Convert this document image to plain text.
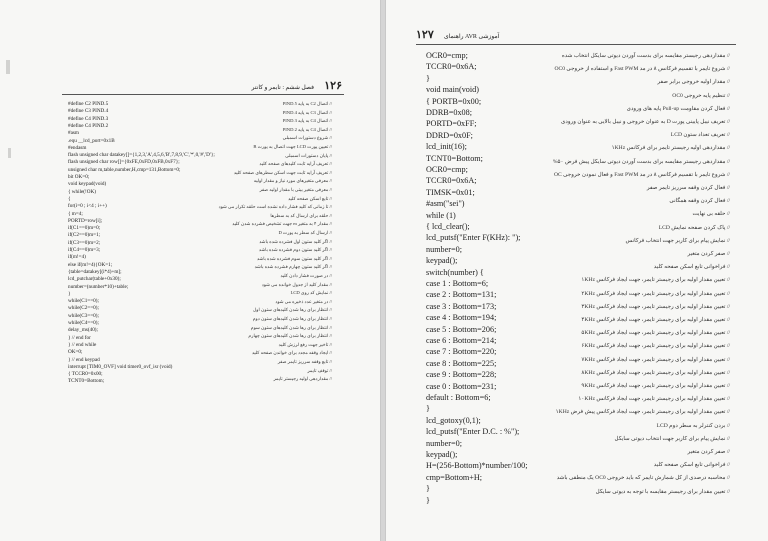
۱۲۶ فصل ششم : تایمر و کانتر
#define C2 PIND.5
#define C3 PIND.4
#define C4 PIND.3
#define C4 PIND.2
#asm
.equ __lcd_port=0x1B
#endasm
flash unsigned char datakey[]={1,2,3,'A',4,5,6,'B',7,8,9,'C','*',0,'#','D'};
flash unsigned char row[]={0xFE,0xFD,0xFB,0xF7};
unsigned char m,table,number,H,cmp=131,Bottom=0;
bit OK=0;
void keypad(void)
{ while(!OK)
{
for(i=0 ; i<4 ; i++)
{ m=4;
PORTD=row[i];
if(C1==0)m=0;
if(C2==0)m=1;
if(C3==0)m=2;
if(C4==0)m=3;
if(m!=4)
else if(m!=4){OK=1;
{table=datakey[(i*4)+m];
lcd_putchar(table+0x30);
number=(number*10)+table;
}
while(C1==0);
while(C2==0);
while(C3==0);
while(C4==0);
delay_ms(40);
} // end for
} // end while
OK=0;
} // end keypad
interrupt [TIM0_OVF] void timer0_ovf_isr (void)
{ TCCR0=0x00;
TCNT0=Bottom;
// اتصال C2 به پایه PIND.5
// اتصال C3 به پایه PIND.4
// اتصال C4 به پایه PIND.3
// اتصال C4 به پایه PIND.2
// شروع دستورات اسمبلی
// تعیین پورت LCD جهت اتصال به پورت B
// پایان دستورات اسمبلی
// تعریف آرایه ثابت کلیدهای صفحه کلید
// تعریف آرایه ثابت جهت اسکن سطرهای صفحه کلید
// معرفی متغیرهای مورد نیاز و مقدار اولیه
// معرفی متغیر بیتی با مقدار اولیه صفر
// تابع اسکن صفحه کلید
// تا زمانی که کلید فشار داده نشده است حلقه تکرار می شود
// حلقه برای ارسال کد به سطرها
// مقدار ۴ به متغیر m جهت تشخیص فشرده شدن کلید
// ارسال کد سطر به پورت D
// اگر کلید ستون اول فشرده شده باشد
// اگر کلید ستون دوم فشرده شده باشد
// اگر کلید ستون سوم فشرده شده باشد
// اگر کلید ستون چهارم فشرده شده باشد
// در صورت فشار دادن کلید
// مقدار کلید از جدول خوانده می شود
// نمایش کد روی LCD
// در متغیر عدد ذخیره می شود
// انتظار برای رها شدن کلیدهای ستون اول
// انتظار برای رها شدن کلیدهای ستون دوم
// انتظار برای رها شدن کلیدهای ستون سوم
// انتظار برای رها شدن کلیدهای ستون چهارم
// تاخیر جهت رفع لرزش کلید
// ایجاد وقفه مجدد برای خواندن صفحه کلید
// تابع وقفه سرریز تایمر صفر
// توقف تایمر
// مقداردهی اولیه رجیستر تایمر
۱۲۷ راهنمای AVR آموزشی
OCR0=cmp;
TCCR0=0x6A;
}
void main(void)
{ PORTB=0x00;
DDRB=0x08;
PORTD=0xFF;
DDRD=0x0F;
lcd_init(16);
TCNT0=Bottom;
OCR0=cmp;
TCCR0=0x6A;
TIMSK=0x01;
#asm("sei")
while (1)
{ lcd_clear();
lcd_putsf("Enter F(KHz): ");
number=0;
keypad();
switch(number) {
case 1 : Bottom=6;
case 2 : Bottom=131;
case 3 : Bottom=173;
case 4 : Bottom=194;
case 5 : Bottom=206;
case 6 : Bottom=214;
case 7 : Bottom=220;
case 8 : Bottom=225;
case 9 : Bottom=228;
case 0 : Bottom=231;
default : Bottom=6;
}
lcd_gotoxy(0,1);
lcd_putsf("Enter D.C. : %");
number=0;
keypad();
H=(256-Bottom)*number/100;
cmp=Bottom+H;
}
}
// مقداردهی رجیستر مقایسه برای بدست آوردن دیوتی سایکل انتخاب شده
// شروع تایمر با تقسیم فرکانس ۸ در مد Fast PWM و استفاده از خروجی OC0
// مقدار اولیه خروجی برابر صفر
// تنظیم پایه خروجی OC0
// فعال کردن مقاومت Pull-up پایه های ورودی
// تعریف نیبل پایینی پورت D به عنوان خروجی و نیبل بالایی به عنوان ورودی
// تعریف تعداد ستون LCD
// مقداردهی اولیه رجیستر تایمر برای فرکانس ۱KHz
// مقداردهی رجیستر مقایسه برای بدست آوردن دیوتی سایکل پیش فرض ۵۰%
// شروع تایمر با تقسیم فرکانس ۸ در مد Fast PWM و فعال نمودن خروجی OC
// فعال کردن وقفه سرریز تایمر صفر
// فعال کردن وقفه همگانی
// حلقه بی نهایت
// پاک کردن صفحه نمایش LCD
// نمایش پیام برای کاربر جهت انتخاب فرکانس
// صفر کردن متغیر
// فراخوانی تابع اسکن صفحه کلید
// تعیین مقدار اولیه برای رجیستر تایمر، جهت ایجاد فرکانس ۱KHz
// تعیین مقدار اولیه برای رجیستر تایمر، جهت ایجاد فرکانس ۲KHz
// تعیین مقدار اولیه برای رجیستر تایمر، جهت ایجاد فرکانس ۳KHz
// تعیین مقدار اولیه برای رجیستر تایمر، جهت ایجاد فرکانس ۴KHz
// تعیین مقدار اولیه برای رجیستر تایمر، جهت ایجاد فرکانس ۵KHz
// تعیین مقدار اولیه برای رجیستر تایمر، جهت ایجاد فرکانس ۶KHz
// تعیین مقدار اولیه برای رجیستر تایمر، جهت ایجاد فرکانس ۷KHz
// تعیین مقدار اولیه برای رجیستر تایمر، جهت ایجاد فرکانس ۸KHz
// تعیین مقدار اولیه برای رجیستر تایمر، جهت ایجاد فرکانس ۹KHz
// تعیین مقدار اولیه برای رجیستر تایمر، جهت ایجاد فرکانس ۱۰KHz
// تعیین مقدار اولیه برای رجیستر تایمر، جهت ایجاد فرکانس پیش فرض ۱KHz
// بردن کنترلر به سطر دوم LCD
// نمایش پیام برای کاربر جهت انتخاب دیوتی سایکل
// صفر کردن متغیر
// فراخوانی تابع اسکن صفحه کلید
// محاسبه درصدی از کل شمارش تایمر که باید خروجی OC0 یک منطقی باشد
// تعیین مقدار برای رجیستر مقایسه با توجه به دیوتی سایکل
